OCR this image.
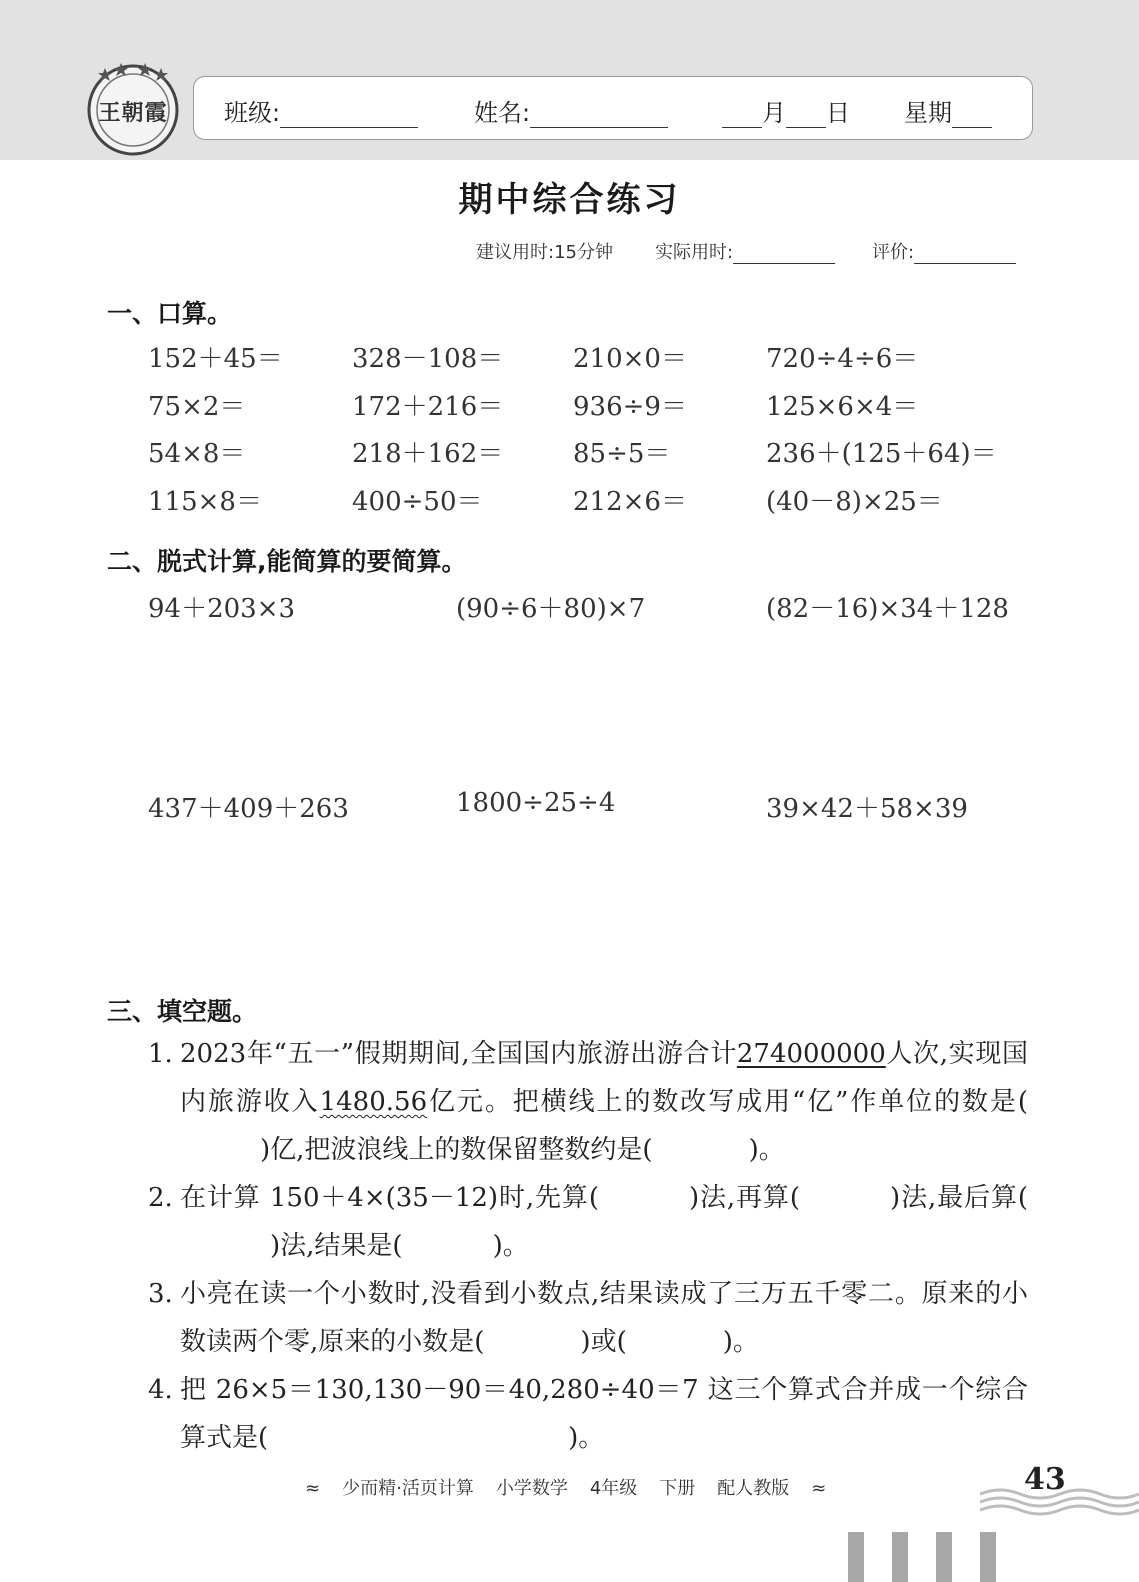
王朝霞	班级:	姓名:	月 日 星期
期中综合练习
建议用时:15分钟 实际用时:	评价:
一、口算。
152＋45＝	328－108＝	210×0＝	720÷4÷6＝
75×2＝	172＋216＝	936÷9＝	125×6×4＝
54×8＝	218＋162＝	85÷5＝	236＋(125＋64)＝
115×8＝	400÷50＝	212×6＝	(40－8)×25＝
二、脱式计算,能简算的要简算。
94＋203×3	(90÷6＋80)×7	(82－16)×34＋128
437＋409＋263	1800÷25÷4	39×42＋58×39
三、填空题。
1. 2023年“五一”假期期间,全国国内旅游出游合计274000000人次,实现国内旅游收入1480.56亿元。把横线上的数改写成用“亿”作单位的数是()亿,把波浪线上的数保留整数约是(	)。
2. 在计算 150＋4×(35－12)时,先算(	)法,再算(	)法,最后算()法,结果是(	)。
3. 小亮在读一个小数时,没看到小数点,结果读成了三万五千零二。原来的小数读两个零,原来的小数是(	)或(	)。
4. 把 26×5＝130,130－90＝40,280÷40＝7 这三个算式合并成一个综合算式是(	)。
≈ 少而精·活页计算 小学数学 4年级 下册 配人教版 ≈	43
